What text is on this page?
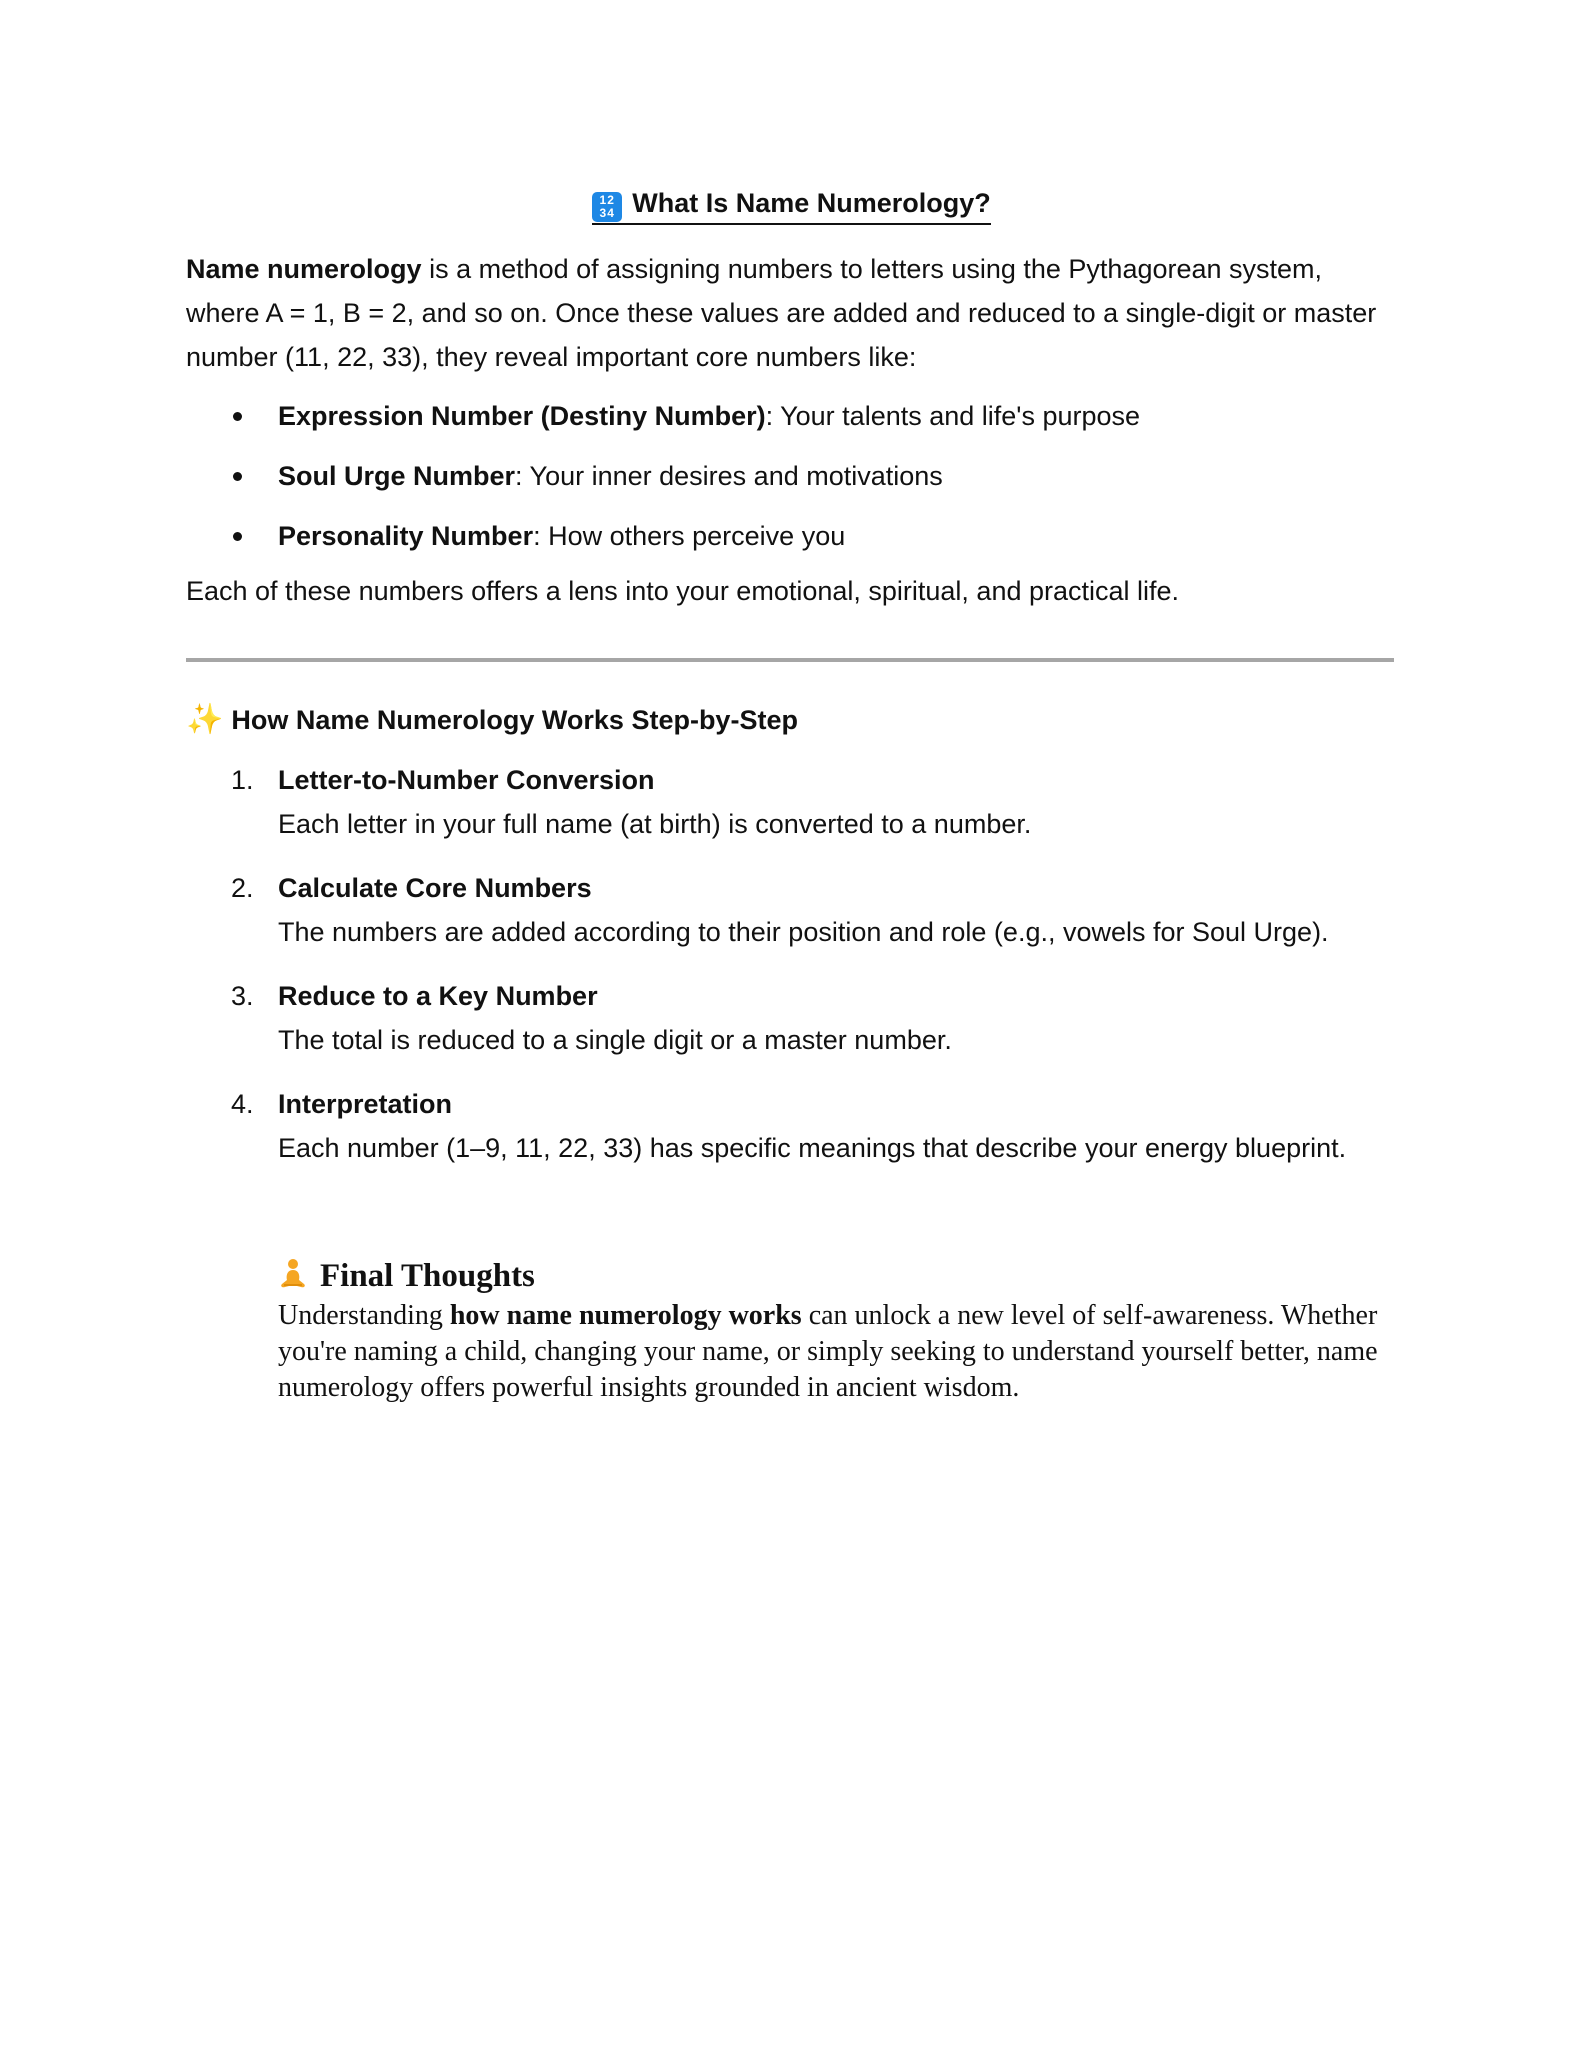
12 34 What Is Name Numerology?
Name numerology is a method of assigning numbers to letters using the Pythagorean system, where A = 1, B = 2, and so on. Once these values are added and reduced to a single-digit or master number (11, 22, 33), they reveal important core numbers like:
Expression Number (Destiny Number): Your talents and life's purpose
Soul Urge Number: Your inner desires and motivations
Personality Number: How others perceive you
Each of these numbers offers a lens into your emotional, spiritual, and practical life.
✨ How Name Numerology Works Step-by-Step
1. Letter-to-Number Conversion
Each letter in your full name (at birth) is converted to a number.
2. Calculate Core Numbers
The numbers are added according to their position and role (e.g., vowels for Soul Urge).
3. Reduce to a Key Number
The total is reduced to a single digit or a master number.
4. Interpretation
Each number (1–9, 11, 22, 33) has specific meanings that describe your energy blueprint.
Final Thoughts
Understanding how name numerology works can unlock a new level of self-awareness. Whether you're naming a child, changing your name, or simply seeking to understand yourself better, name numerology offers powerful insights grounded in ancient wisdom.
